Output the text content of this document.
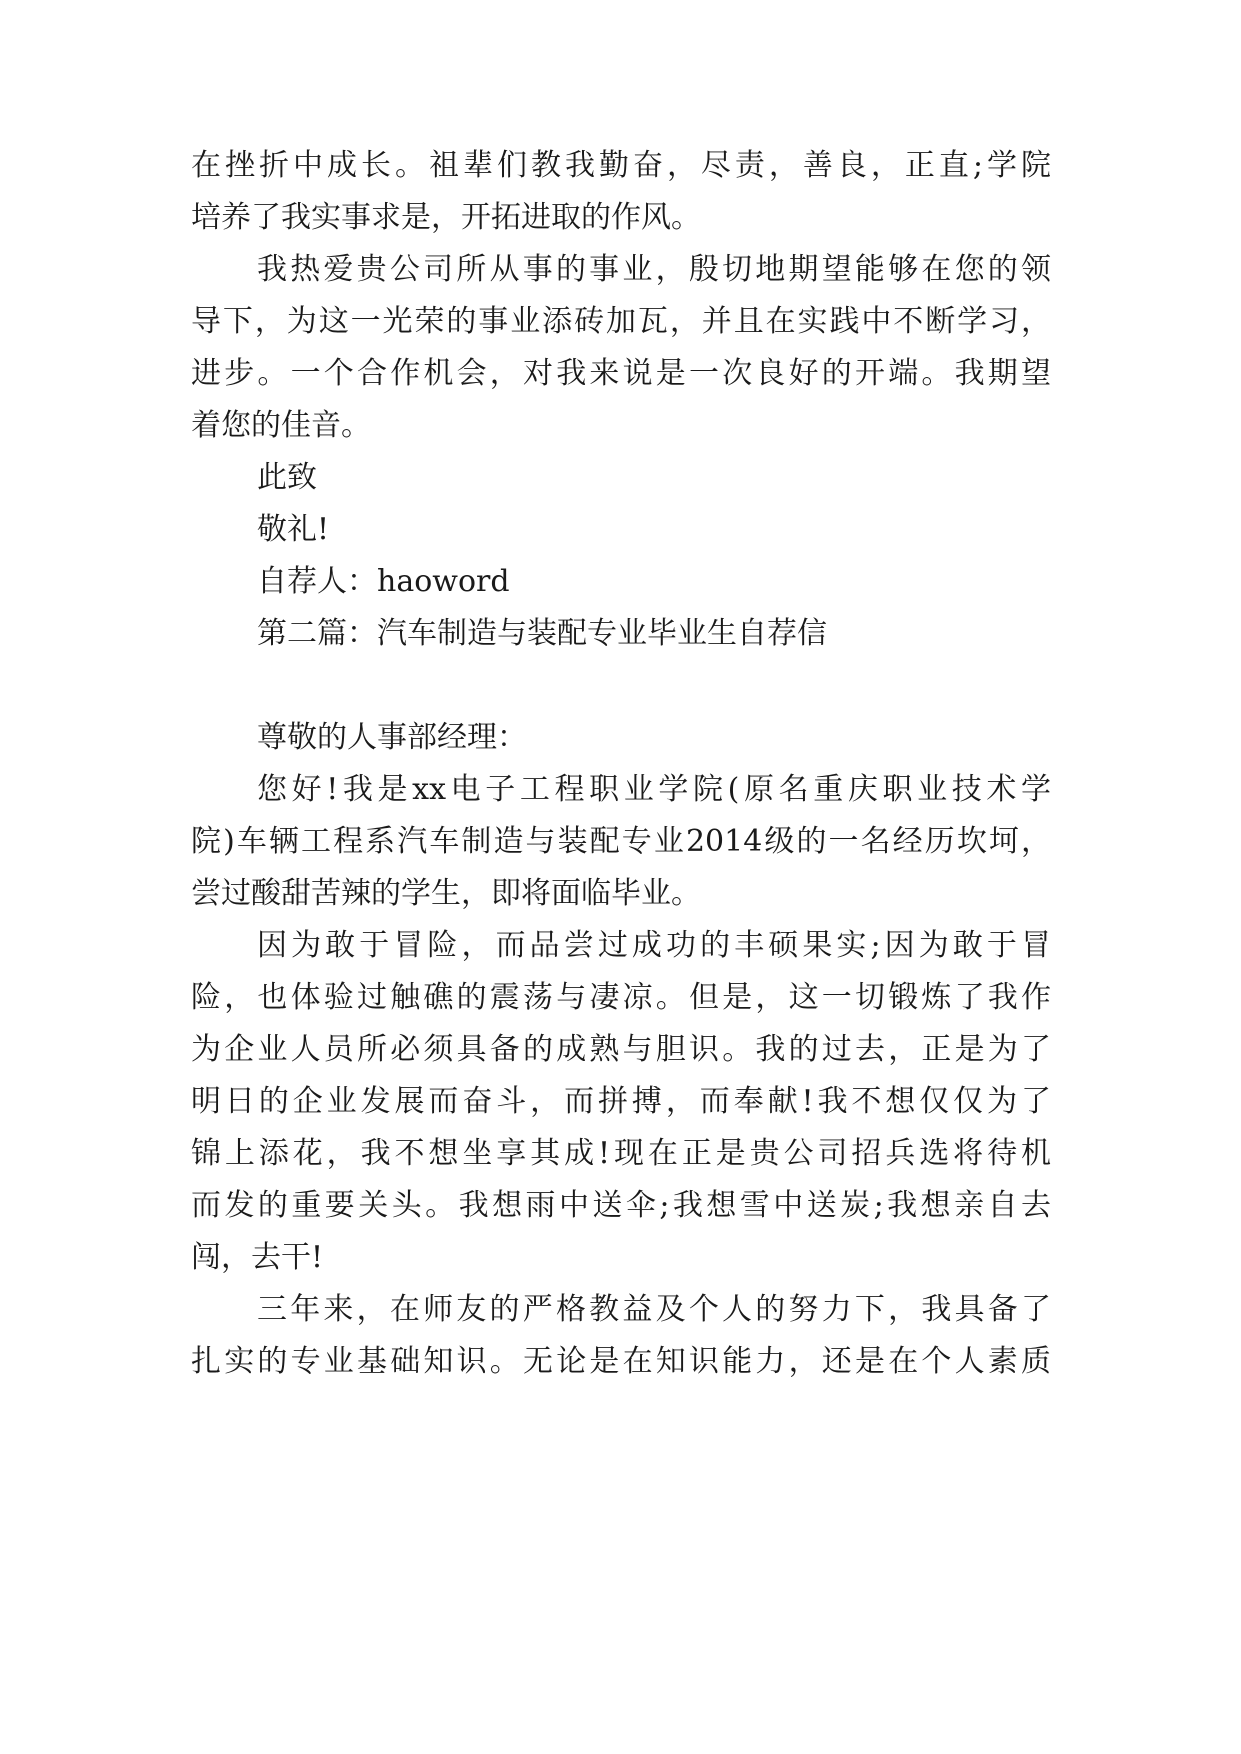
在挫折中成长。祖辈们教我勤奋，尽责，善良，正直;学院
培养了我实事求是，开拓进取的作风。
我热爱贵公司所从事的事业，殷切地期望能够在您的领
导下，为这一光荣的事业添砖加瓦，并且在实践中不断学习，
进步。一个合作机会，对我来说是一次良好的开端。我期望
着您的佳音。
此致
敬礼!
自荐人：haoword
第二篇：汽车制造与装配专业毕业生自荐信
尊敬的人事部经理：
您好!我是xx电子工程职业学院(原名重庆职业技术学
院)车辆工程系汽车制造与装配专业2014级的一名经历坎坷，
尝过酸甜苦辣的学生，即将面临毕业。
因为敢于冒险，而品尝过成功的丰硕果实;因为敢于冒
险，也体验过触礁的震荡与凄凉。但是，这一切锻炼了我作
为企业人员所必须具备的成熟与胆识。我的过去，正是为了
明日的企业发展而奋斗，而拼搏，而奉献!我不想仅仅为了
锦上添花，我不想坐享其成!现在正是贵公司招兵选将待机
而发的重要关头。我想雨中送伞;我想雪中送炭;我想亲自去
闯，去干!
三年来，在师友的严格教益及个人的努力下，我具备了
扎实的专业基础知识。无论是在知识能力，还是在个人素质
